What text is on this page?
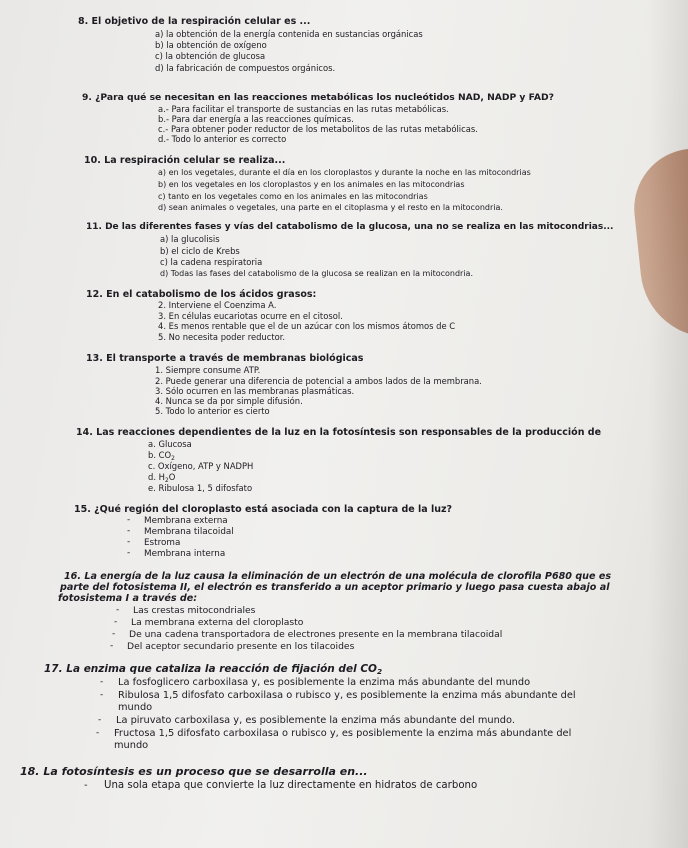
8. El objetivo de la respiración celular es ...
a) la obtención de la energía contenida en sustancias orgánicas
b) la obtención de oxígeno
c) la obtención de glucosa
d) la fabricación de compuestos orgánicos.
9. ¿Para qué se necesitan en las reacciones metabólicas los nucleótidos NAD, NADP y FAD?
a.- Para facilitar el transporte de sustancias en las rutas metabólicas.
b.- Para dar energía a las reacciones químicas.
c.- Para obtener poder reductor de los metabolitos de las rutas metabólicas.
d.- Todo lo anterior es correcto
10. La respiración celular se realiza...
a) en los vegetales, durante el día en los cloroplastos y durante la noche en las mitocondrias
b) en los vegetales en los cloroplastos y en los animales en las mitocondrias
c) tanto en los vegetales como en los animales en las mitocondrias
d) sean animales o vegetales, una parte en el citoplasma y el resto en la mitocondria.
11. De las diferentes fases y vías del catabolismo de la glucosa, una no se realiza en las mitocondrias...
a) la glucolisis
b) el ciclo de Krebs
c) la cadena respiratoria
d) Todas las fases del catabolismo de la glucosa se realizan en la mitocondria.
12. En el catabolismo de los ácidos grasos:
2. Interviene el Coenzima A.
3. En células eucariotas ocurre en el citosol.
4. Es menos rentable que el de un azúcar con los mismos átomos de C
5. No necesita poder reductor.
13. El transporte a través de membranas biológicas
1. Siempre consume ATP.
2. Puede generar una diferencia de potencial a ambos lados de la membrana.
3. Sólo ocurren en las membranas plasmáticas.
4. Nunca se da por simple difusión.
5. Todo lo anterior es cierto
14. Las reacciones dependientes de la luz en la fotosíntesis son responsables de la producción de
a. Glucosa
b. $CO_2$
c. Oxígeno, ATP y NADPH
d. $H_2O$
e. Ribulosa 1, 5 difosfato
15. ¿Qué región del cloroplasto está asociada con la captura de la luz?
- Membrana externa
- Membrana tilacoidal
- Estroma
- Membrana interna
16. La energía de la luz causa la eliminación de un electrón de una molécula de clorofila P680 que es
parte del fotosistema II, el electrón es transferido a un aceptor primario y luego pasa cuesta abajo al
fotosistema I a través de:
- Las crestas mitocondriales
- La membrana externa del cloroplasto
- De una cadena transportadora de electrones presente en la membrana tilacoidal
- Del aceptor secundario presente en los tilacoides
17. La enzima que cataliza la reacción de fijación del $CO_2$
- La fosfoglicero carboxilasa y, es posiblemente la enzima más abundante del mundo
- Ribulosa 1,5 difosfato carboxilasa o rubisco y, es posiblemente la enzima más abundante del
mundo
- La piruvato carboxilasa y, es posiblemente la enzima más abundante del mundo.
- Fructosa 1,5 difosfato carboxilasa o rubisco y, es posiblemente la enzima más abundante del
mundo
18. La fotosíntesis es un proceso que se desarrolla en...
- Una sola etapa que convierte la luz directamente en hidratos de carbono
